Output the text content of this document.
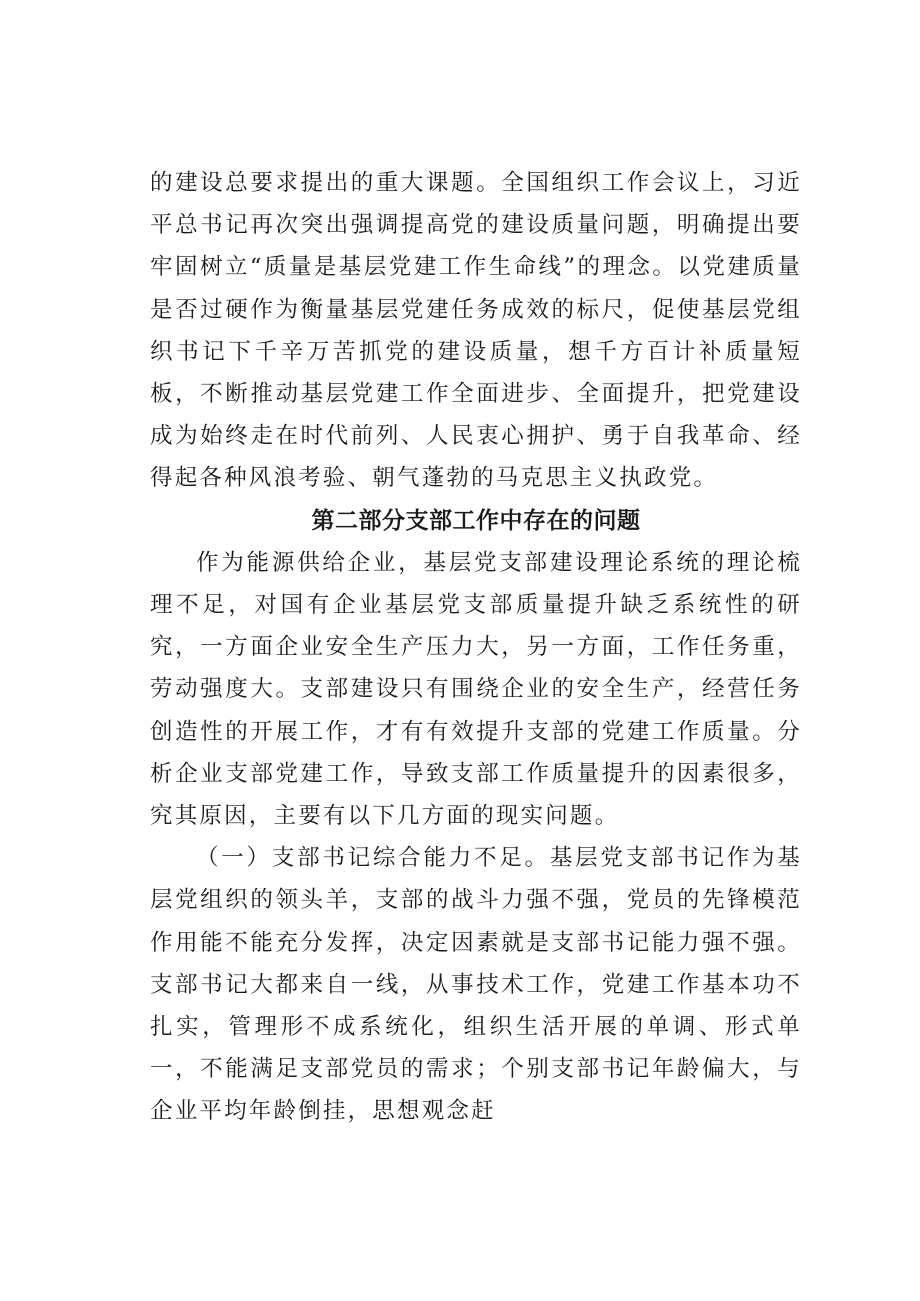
的建设总要求提出的重大课题。全国组织工作会议上，习近平总书记再次突出强调提高党的建设质量问题，明确提出要牢固树立“质量是基层党建工作生命线”的理念。以党建质量是否过硬作为衡量基层党建任务成效的标尺，促使基层党组织书记下千辛万苦抓党的建设质量，想千方百计补质量短板，不断推动基层党建工作全面进步、全面提升，把党建设成为始终走在时代前列、人民衷心拥护、勇于自我革命、经得起各种风浪考验、朝气蓬勃的马克思主义执政党。

第二部分支部工作中存在的问题

作为能源供给企业，基层党支部建设理论系统的理论梳理不足，对国有企业基层党支部质量提升缺乏系统性的研究，一方面企业安全生产压力大，另一方面，工作任务重，劳动强度大。支部建设只有围绕企业的安全生产，经营任务创造性的开展工作，才有有效提升支部的党建工作质量。分析企业支部党建工作，导致支部工作质量提升的因素很多，究其原因，主要有以下几方面的现实问题。

（一）支部书记综合能力不足。基层党支部书记作为基层党组织的领头羊，支部的战斗力强不强，党员的先锋模范作用能不能充分发挥，决定因素就是支部书记能力强不强。支部书记大都来自一线，从事技术工作，党建工作基本功不扎实，管理形不成系统化，组织生活开展的单调、形式单一，不能满足支部党员的需求；个别支部书记年龄偏大，与企业平均年龄倒挂，思想观念赶
